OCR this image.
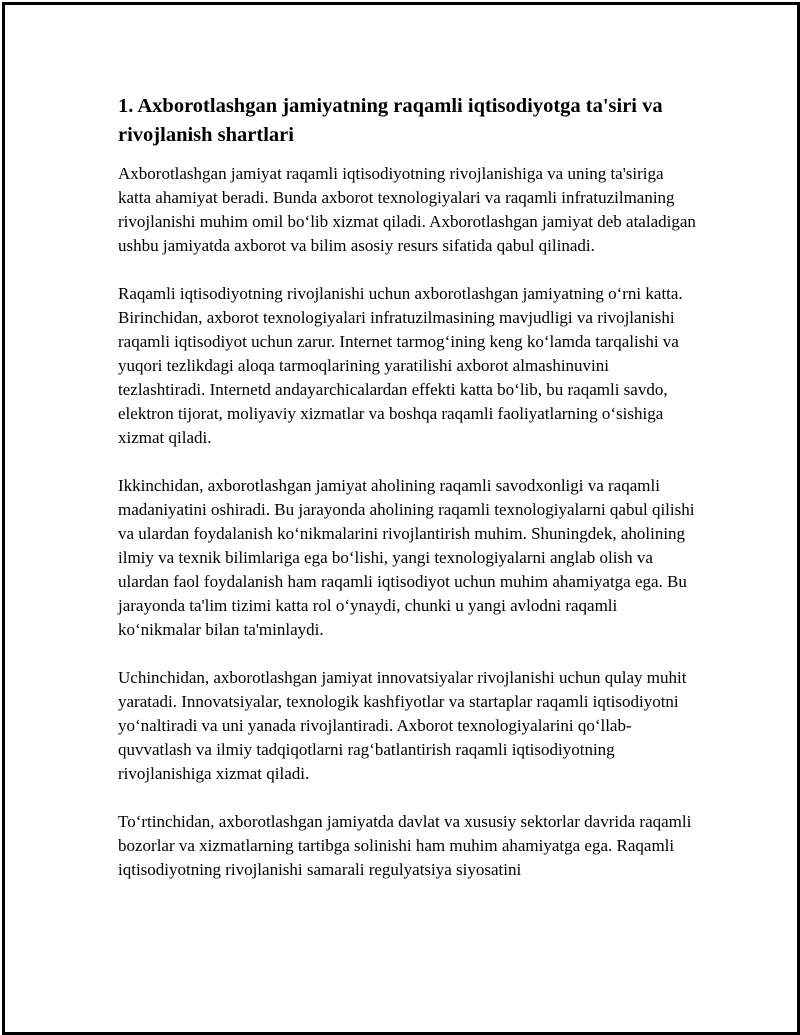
1. Axborotlashgan jamiyatning raqamli iqtisodiyotga ta'siri va rivojlanish shartlari

Axborotlashgan jamiyat raqamli iqtisodiyotning rivojlanishiga va uning ta'siriga katta ahamiyat beradi. Bunda axborot texnologiyalari va raqamli infratuzilmaning rivojlanishi muhim omil boʻlib xizmat qiladi. Axborotlashgan jamiyat deb ataladigan ushbu jamiyatda axborot va bilim asosiy resurs sifatida qabul qilinadi.

Raqamli iqtisodiyotning rivojlanishi uchun axborotlashgan jamiyatning oʻrni katta. Birinchidan, axborot texnologiyalari infratuzilmasining mavjudligi va rivojlanishi raqamli iqtisodiyot uchun zarur. Internet tarmogʻining keng koʻlamda tarqalishi va yuqori tezlikdagi aloqa tarmoqlarining yaratilishi axborot almashinuvini tezlashtiradi. Internetd andayarchicalardan effekti katta boʻlib, bu raqamli savdo, elektron tijorat, moliyaviy xizmatlar va boshqa raqamli faoliyatlarning oʻsishiga xizmat qiladi.

Ikkinchidan, axborotlashgan jamiyat aholining raqamli savodxonligi va raqamli madaniyatini oshiradi. Bu jarayonda aholining raqamli texnologiyalarni qabul qilishi va ulardan foydalanish koʻnikmalarini rivojlantirish muhim. Shuningdek, aholining ilmiy va texnik bilimlariga ega boʻlishi, yangi texnologiyalarni anglab olish va ulardan faol foydalanish ham raqamli iqtisodiyot uchun muhim ahamiyatga ega. Bu jarayonda ta'lim tizimi katta rol oʻynaydi, chunki u yangi avlodni raqamli koʻnikmalar bilan ta'minlaydi.

Uchinchidan, axborotlashgan jamiyat innovatsiyalar rivojlanishi uchun qulay muhit yaratadi. Innovatsiyalar, texnologik kashfiyotlar va startaplar raqamli iqtisodiyotni yoʻnaltiradi va uni yanada rivojlantiradi. Axborot texnologiyalarini qoʻllab-quvvatlash va ilmiy tadqiqotlarni ragʻbatlantirish raqamli iqtisodiyotning rivojlanishiga xizmat qiladi.

Toʻrtinchidan, axborotlashgan jamiyatda davlat va xususiy sektorlar davrida raqamli bozorlar va xizmatlarning tartibga solinishi ham muhim ahamiyatga ega. Raqamli iqtisodiyotning rivojlanishi samarali regulyatsiya siyosatini
